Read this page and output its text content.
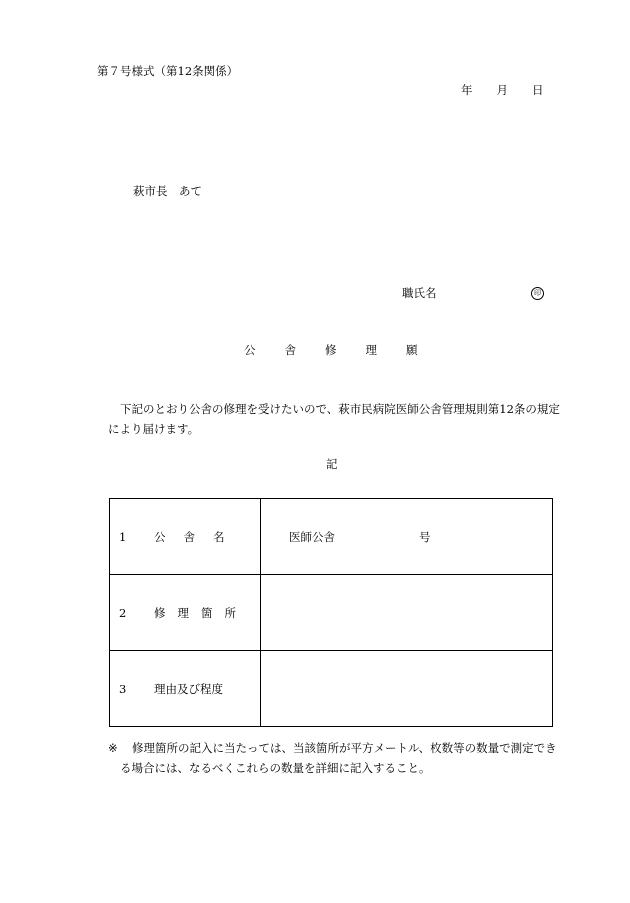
第７号様式（第12条関係）
年 月 日
萩市長　あて
職氏名	印
公	舎	修	理	願
下記のとおり公舎の修理を受けたいので、萩市民病院医師公舎管理規則第12条の規定
により届けます。
記
1 公 舎 名	医師公舎 号

2 修 理 箇 所	

3 理由及び程度	

※ 修理箇所の記入に当たっては、当該箇所が平方メートル、枚数等の数量で測定でき
る場合には、なるべくこれらの数量を詳細に記入すること。
